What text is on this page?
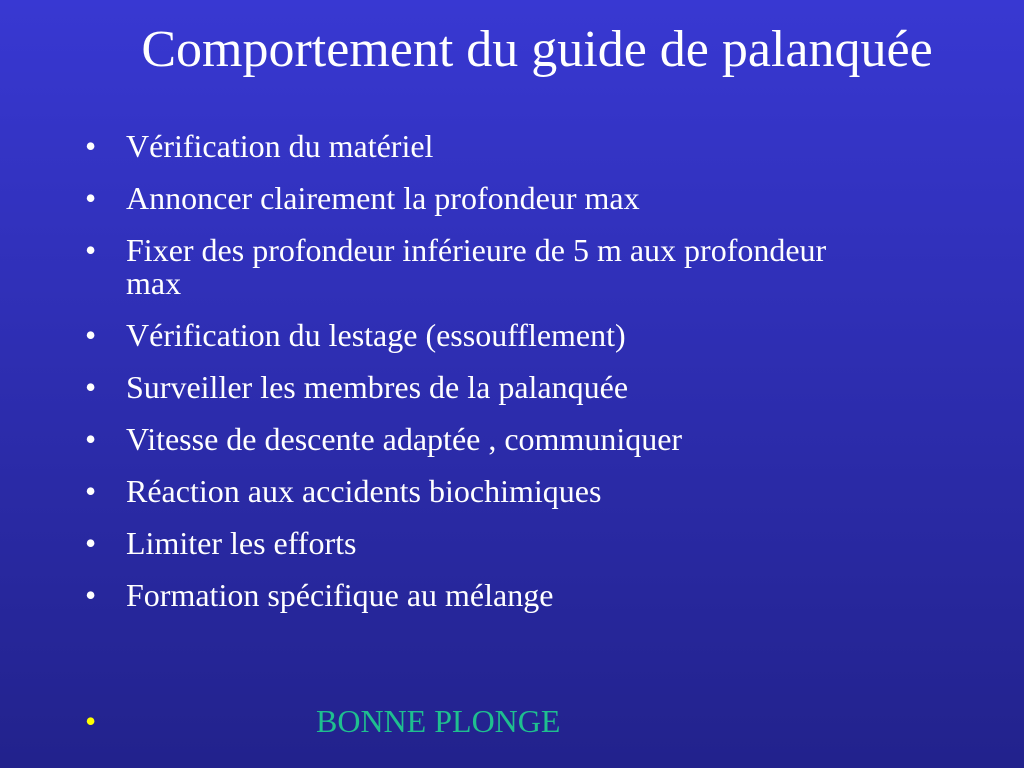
Comportement du guide de palanquée
• Vérification du matériel
• Annoncer clairement la profondeur max
• Fixer des profondeur inférieure de 5 m aux profondeur max
• Vérification du lestage (essoufflement)
• Surveiller les membres de la palanquée
• Vitesse de descente adaptée , communiquer
• Réaction aux accidents biochimiques
• Limiter les efforts
• Formation spécifique au mélange
•	BONNE PLONGE
